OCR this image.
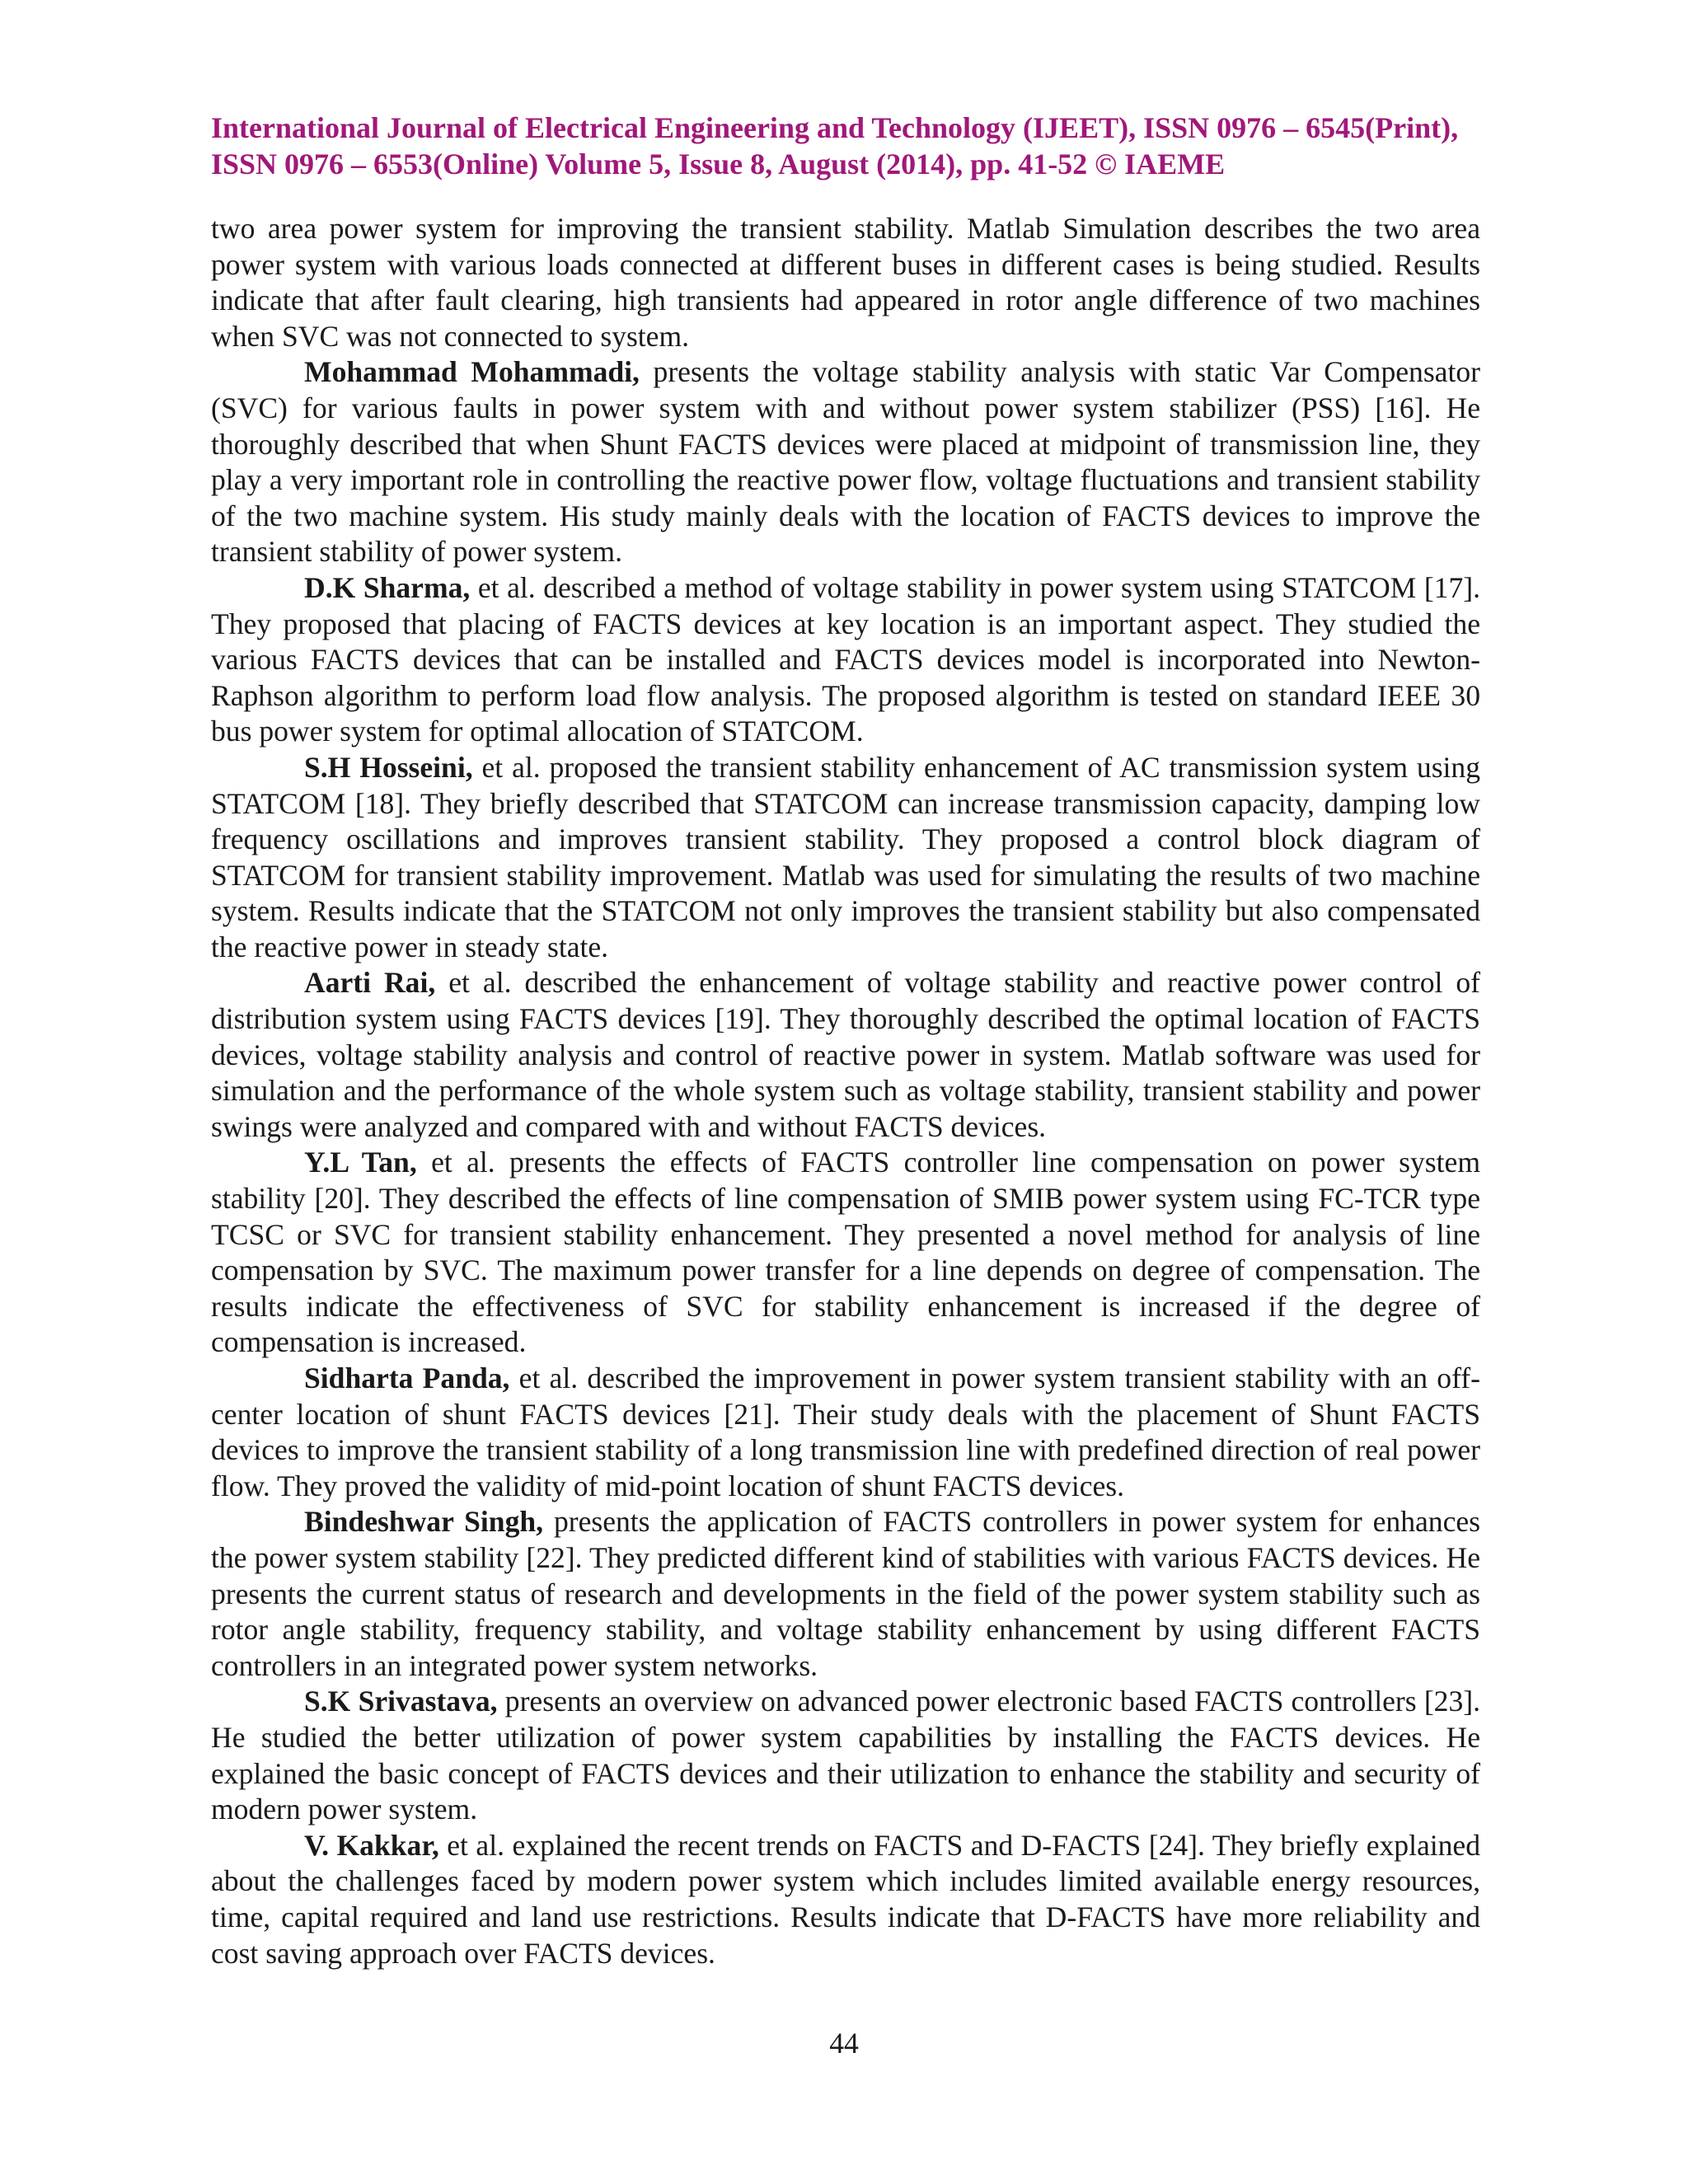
International Journal of Electrical Engineering and Technology (IJEET), ISSN 0976 – 6545(Print),
ISSN 0976 – 6553(Online) Volume 5, Issue 8, August (2014), pp. 41-52 © IAEME

two area power system for improving the transient stability. Matlab Simulation describes the two area power system with various loads connected at different buses in different cases is being studied. Results indicate that after fault clearing, high transients had appeared in rotor angle difference of two machines when SVC was not connected to system.

Mohammad Mohammadi, presents the voltage stability analysis with static Var Compensator (SVC) for various faults in power system with and without power system stabilizer (PSS) [16]. He thoroughly described that when Shunt FACTS devices were placed at midpoint of transmission line, they play a very important role in controlling the reactive power flow, voltage fluctuations and transient stability of the two machine system. His study mainly deals with the location of FACTS devices to improve the transient stability of power system.

D.K Sharma, et al. described a method of voltage stability in power system using STATCOM [17]. They proposed that placing of FACTS devices at key location is an important aspect. They studied the various FACTS devices that can be installed and FACTS devices model is incorporated into Newton-Raphson algorithm to perform load flow analysis. The proposed algorithm is tested on standard IEEE 30 bus power system for optimal allocation of STATCOM.

S.H Hosseini, et al. proposed the transient stability enhancement of AC transmission system using STATCOM [18]. They briefly described that STATCOM can increase transmission capacity, damping low frequency oscillations and improves transient stability. They proposed a control block diagram of STATCOM for transient stability improvement. Matlab was used for simulating the results of two machine system. Results indicate that the STATCOM not only improves the transient stability but also compensated the reactive power in steady state.

Aarti Rai, et al. described the enhancement of voltage stability and reactive power control of distribution system using FACTS devices [19]. They thoroughly described the optimal location of FACTS devices, voltage stability analysis and control of reactive power in system. Matlab software was used for simulation and the performance of the whole system such as voltage stability, transient stability and power swings were analyzed and compared with and without FACTS devices.

Y.L Tan, et al. presents the effects of FACTS controller line compensation on power system stability [20]. They described the effects of line compensation of SMIB power system using FC-TCR type TCSC or SVC for transient stability enhancement. They presented a novel method for analysis of line compensation by SVC. The maximum power transfer for a line depends on degree of compensation. The results indicate the effectiveness of SVC for stability enhancement is increased if the degree of compensation is increased.

Sidharta Panda, et al. described the improvement in power system transient stability with an off-center location of shunt FACTS devices [21]. Their study deals with the placement of Shunt FACTS devices to improve the transient stability of a long transmission line with predefined direction of real power flow. They proved the validity of mid-point location of shunt FACTS devices.

Bindeshwar Singh, presents the application of FACTS controllers in power system for enhances the power system stability [22]. They predicted different kind of stabilities with various FACTS devices. He presents the current status of research and developments in the field of the power system stability such as rotor angle stability, frequency stability, and voltage stability enhancement by using different FACTS controllers in an integrated power system networks.

S.K Srivastava, presents an overview on advanced power electronic based FACTS controllers [23]. He studied the better utilization of power system capabilities by installing the FACTS devices. He explained the basic concept of FACTS devices and their utilization to enhance the stability and security of modern power system.

V. Kakkar, et al. explained the recent trends on FACTS and D-FACTS [24]. They briefly explained about the challenges faced by modern power system which includes limited available energy resources, time, capital required and land use restrictions. Results indicate that D-FACTS have more reliability and cost saving approach over FACTS devices.

44
